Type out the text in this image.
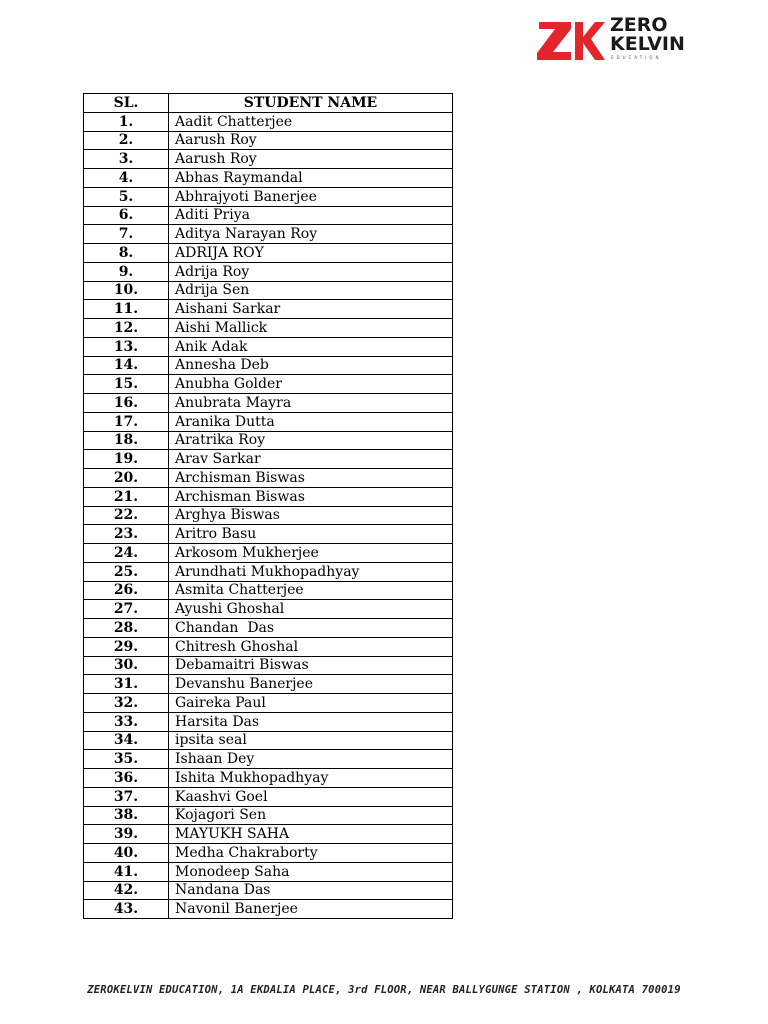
ZERO
KELVIN
EDUCATION
SL.	STUDENT NAME
1.	Aadit Chatterjee
2.	Aarush Roy
3.	Aarush Roy
4.	Abhas Raymandal
5.	Abhrajyoti Banerjee
6.	Aditi Priya
7.	Aditya Narayan Roy
8.	ADRIJA ROY
9.	Adrija Roy
10.	Adrija Sen
11.	Aishani Sarkar
12.	Aishi Mallick
13.	Anik Adak
14.	Annesha Deb
15.	Anubha Golder
16.	Anubrata Mayra
17.	Aranika Dutta
18.	Aratrika Roy
19.	Arav Sarkar
20.	Archisman Biswas
21.	Archisman Biswas
22.	Arghya Biswas
23.	Aritro Basu
24.	Arkosom Mukherjee
25.	Arundhati Mukhopadhyay
26.	Asmita Chatterjee
27.	Ayushi Ghoshal
28.	Chandan  Das
29.	Chitresh Ghoshal
30.	Debamaitri Biswas
31.	Devanshu Banerjee
32.	Gaireka Paul
33.	Harsita Das
34.	ipsita seal
35.	Ishaan Dey
36.	Ishita Mukhopadhyay
37.	Kaashvi Goel
38.	Kojagori Sen
39.	MAYUKH SAHA
40.	Medha Chakraborty
41.	Monodeep Saha
42.	Nandana Das
43.	Navonil Banerjee
ZEROKELVIN EDUCATION, 1A EKDALIA PLACE, 3rd FLOOR, NEAR BALLYGUNGE STATION , KOLKATA 700019
